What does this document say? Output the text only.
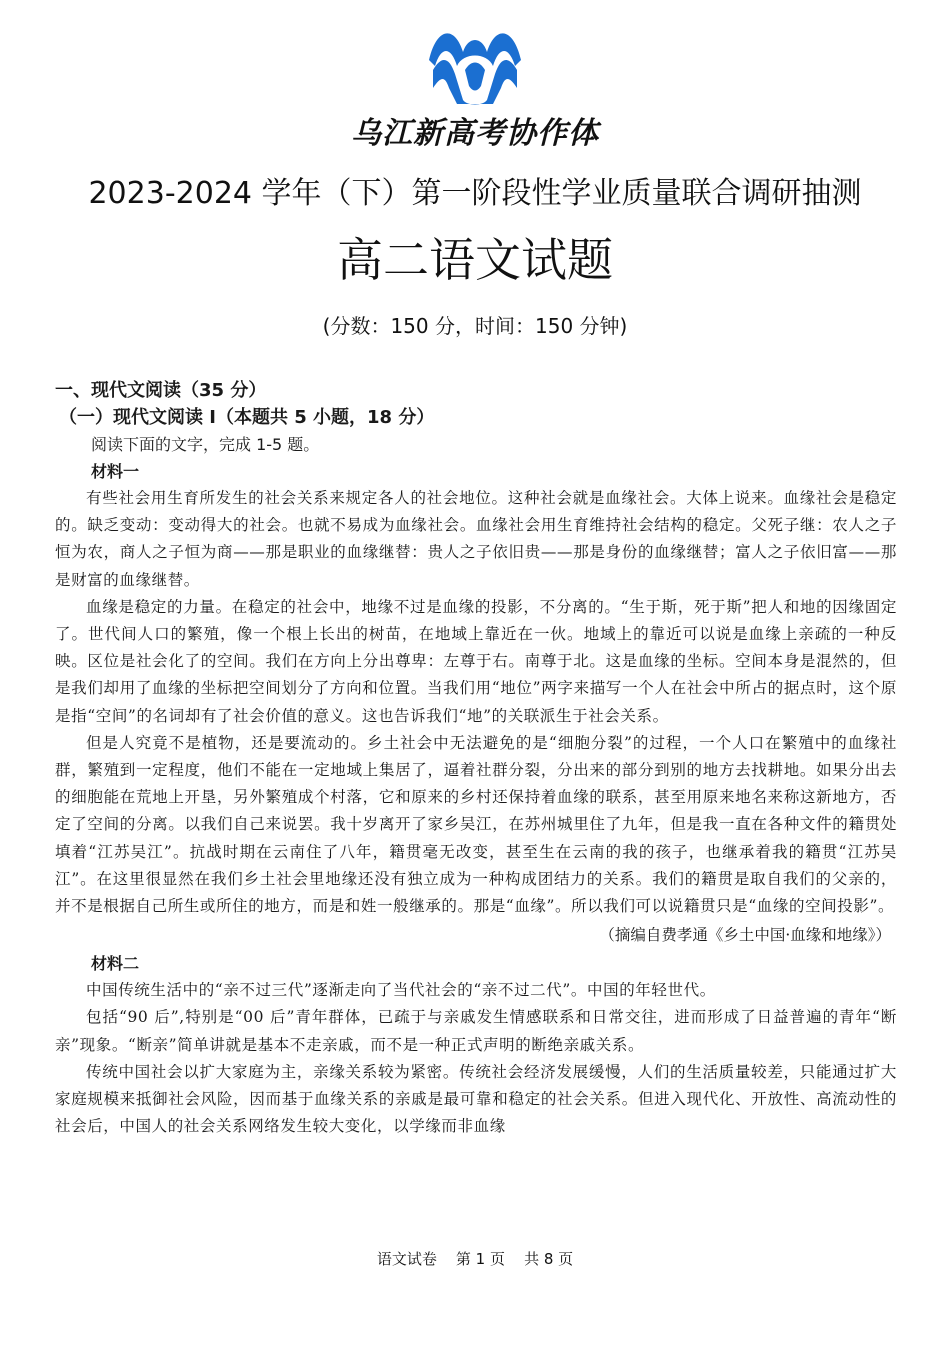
乌江新高考协作体
2023-2024 学年（下）第一阶段性学业质量联合调研抽测
高二语文试题
(分数：150 分，时间：150 分钟)
一、现代文阅读（35 分）
（一）现代文阅读 I（本题共 5 小题，18 分）
阅读下面的文字，完成 1-5 题。
材料一

有些社会用生育所发生的社会关系来规定各人的社会地位。这种社会就是血缘社会。大体上说来。血缘社会是稳定的。缺乏变动：变动得大的社会。也就不易成为血缘社会。血缘社会用生育维持社会结构的稳定。父死子继：农人之子恒为农，商人之子恒为商——那是职业的血缘继替：贵人之子依旧贵——那是身份的血缘继替；富人之子依旧富——那是财富的血缘继替。

血缘是稳定的力量。在稳定的社会中，地缘不过是血缘的投影，不分离的。“生于斯，死于斯”把人和地的因缘固定了。世代间人口的繁殖，像一个根上长出的树苗，在地域上靠近在一伙。地域上的靠近可以说是血缘上亲疏的一种反映。区位是社会化了的空间。我们在方向上分出尊卑：左尊于右。南尊于北。这是血缘的坐标。空间本身是混然的，但是我们却用了血缘的坐标把空间划分了方向和位置。当我们用“地位”两字来描写一个人在社会中所占的据点时，这个原是指“空间”的名词却有了社会价值的意义。这也告诉我们“地”的关联派生于社会关系。

但是人究竟不是植物，还是要流动的。乡土社会中无法避免的是“细胞分裂”的过程，一个人口在繁殖中的血缘社群，繁殖到一定程度，他们不能在一定地域上集居了，逼着社群分裂，分出来的部分到别的地方去找耕地。如果分出去的细胞能在荒地上开垦，另外繁殖成个村落，它和原来的乡村还保持着血缘的联系，甚至用原来地名来称这新地方，否定了空间的分离。以我们自己来说罢。我十岁离开了家乡吴江，在苏州城里住了九年，但是我一直在各种文件的籍贯处填着“江苏吴江”。抗战时期在云南住了八年，籍贯毫无改变，甚至生在云南的我的孩子，也继承着我的籍贯“江苏吴江”。在这里很显然在我们乡土社会里地缘还没有独立成为一种构成团结力的关系。我们的籍贯是取自我们的父亲的，并不是根据自己所生或所住的地方，而是和姓一般继承的。那是“血缘”。所以我们可以说籍贯只是“血缘的空间投影”。

（摘编自费孝通《乡土中国·血缘和地缘》）

材料二

中国传统生活中的“亲不过三代”逐渐走向了当代社会的“亲不过二代”。中国的年轻世代。

包括“90 后”,特别是“00 后”青年群体，已疏于与亲戚发生情感联系和日常交往，进而形成了日益普遍的青年“断亲”现象。“断亲”简单讲就是基本不走亲戚，而不是一种正式声明的断绝亲戚关系。

传统中国社会以扩大家庭为主，亲缘关系较为紧密。传统社会经济发展缓慢，人们的生活质量较差，只能通过扩大家庭规模来抵御社会风险，因而基于血缘关系的亲戚是最可靠和稳定的社会关系。但进入现代化、开放性、高流动性的社会后，中国人的社会关系网络发生较大变化，以学缘而非血缘

语文试卷    第 1 页    共 8 页
